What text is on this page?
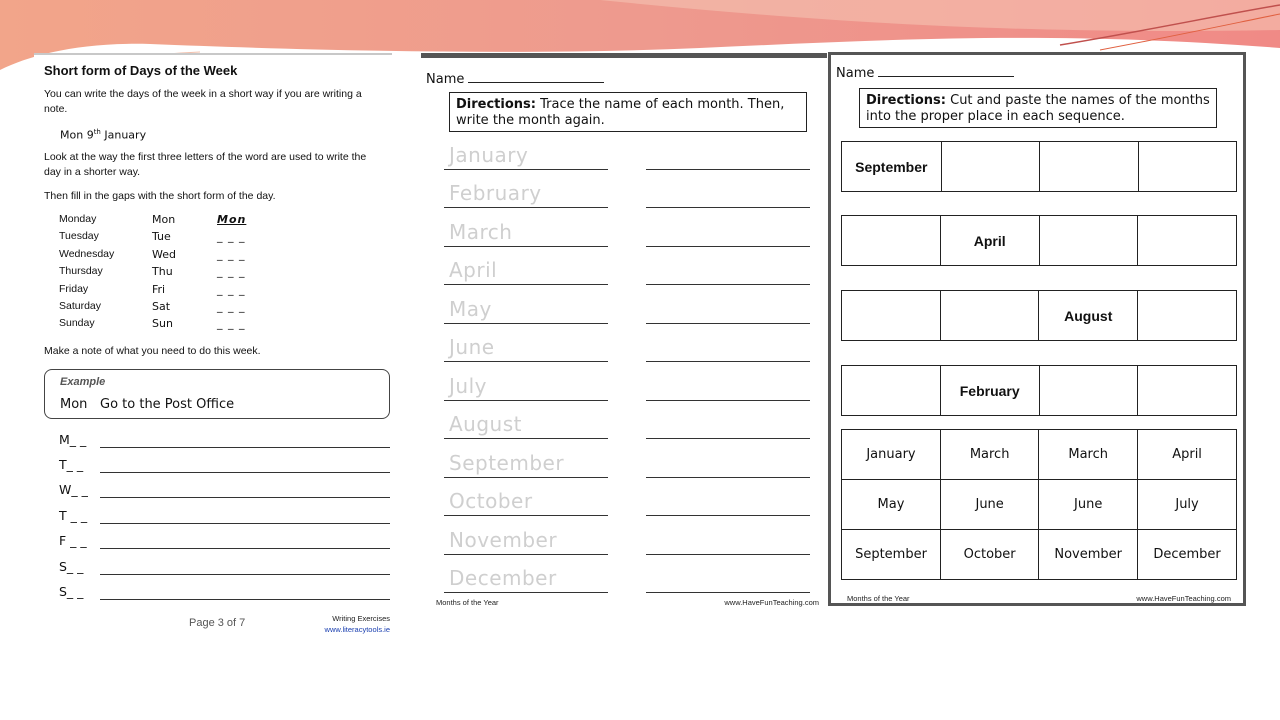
Short form of Days of the Week
You can write the days of the week in a short way if you are writing a note.
Mon 9th January
Look at the way the first three letters of the word are used to write the day in a shorter way.
Then fill in the gaps with the short form of the day.
Monday	Mon	Mon
Tuesday	Tue	_ _ _
Wednesday	Wed	_ _ _
Thursday	Thu	_ _ _
Friday	Fri	_ _ _
Saturday	Sat	_ _ _
Sunday	Sun	_ _ _
Make a note of what you need to do this week.
Example
Mon Go to the Post Office
M_ _
T_ _
W_ _
T _ _
F _ _
S_ _
S_ _
Page 3 of 7	Writing Exercises
www.literacytools.ie
Name
Directions: Trace the name of each month. Then, write the month again.
January
February
March
April
May
June
July
August
September
October
November
December
Months of the Year	www.HaveFunTeaching.com
Name
Directions: Cut and paste the names of the months into the proper place in each sequence.
September			
	April		
		August	
	February		
January	March	March	April
May	June	June	July
September	October	November	December
Months of the Year	www.HaveFunTeaching.com
